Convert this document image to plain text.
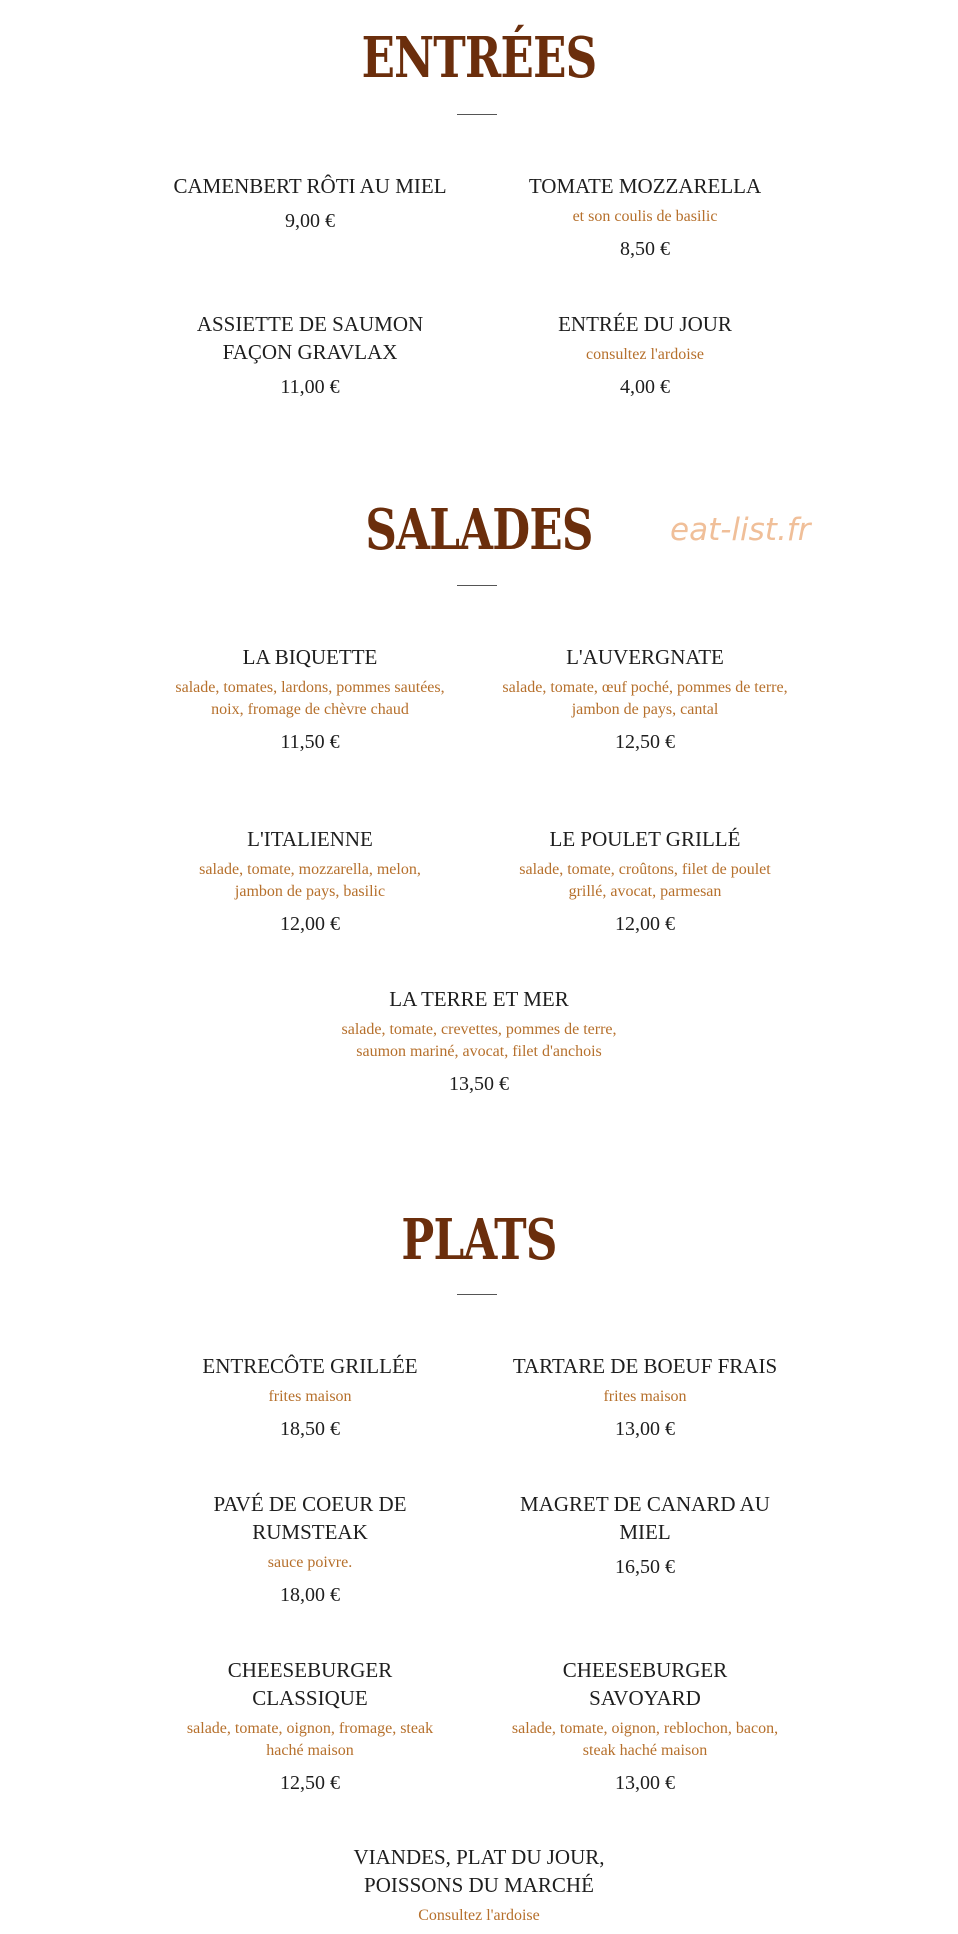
ENTRÉES
CAMENBERT RÔTI AU MIEL
9,00 €
TOMATE MOZZARELLA
et son coulis de basilic
8,50 €
ASSIETTE DE SAUMON FAÇON GRAVLAX
11,00 €
ENTRÉE DU JOUR
consultez l'ardoise
4,00 €
SALADES	eat-list.fr
LA BIQUETTE
salade, tomates, lardons, pommes sautées, noix, fromage de chèvre chaud
11,50 €
L'AUVERGNATE
salade, tomate, œuf poché, pommes de terre, jambon de pays, cantal
12,50 €
L'ITALIENNE
salade, tomate, mozzarella, melon, jambon de pays, basilic
12,00 €
LE POULET GRILLÉ
salade, tomate, croûtons, filet de poulet grillé, avocat, parmesan
12,00 €
LA TERRE ET MER
salade, tomate, crevettes, pommes de terre, saumon mariné, avocat, filet d'anchois
13,50 €
PLATS
ENTRECÔTE GRILLÉE
frites maison
18,50 €
TARTARE DE BOEUF FRAIS
frites maison
13,00 €
PAVÉ DE COEUR DE RUMSTEAK
sauce poivre.
18,00 €
MAGRET DE CANARD AU MIEL
16,50 €
CHEESEBURGER CLASSIQUE
salade, tomate, oignon, fromage, steak haché maison
12,50 €
CHEESEBURGER SAVOYARD
salade, tomate, oignon, reblochon, bacon, steak haché maison
13,00 €
VIANDES, PLAT DU JOUR, POISSONS DU MARCHÉ
Consultez l'ardoise
